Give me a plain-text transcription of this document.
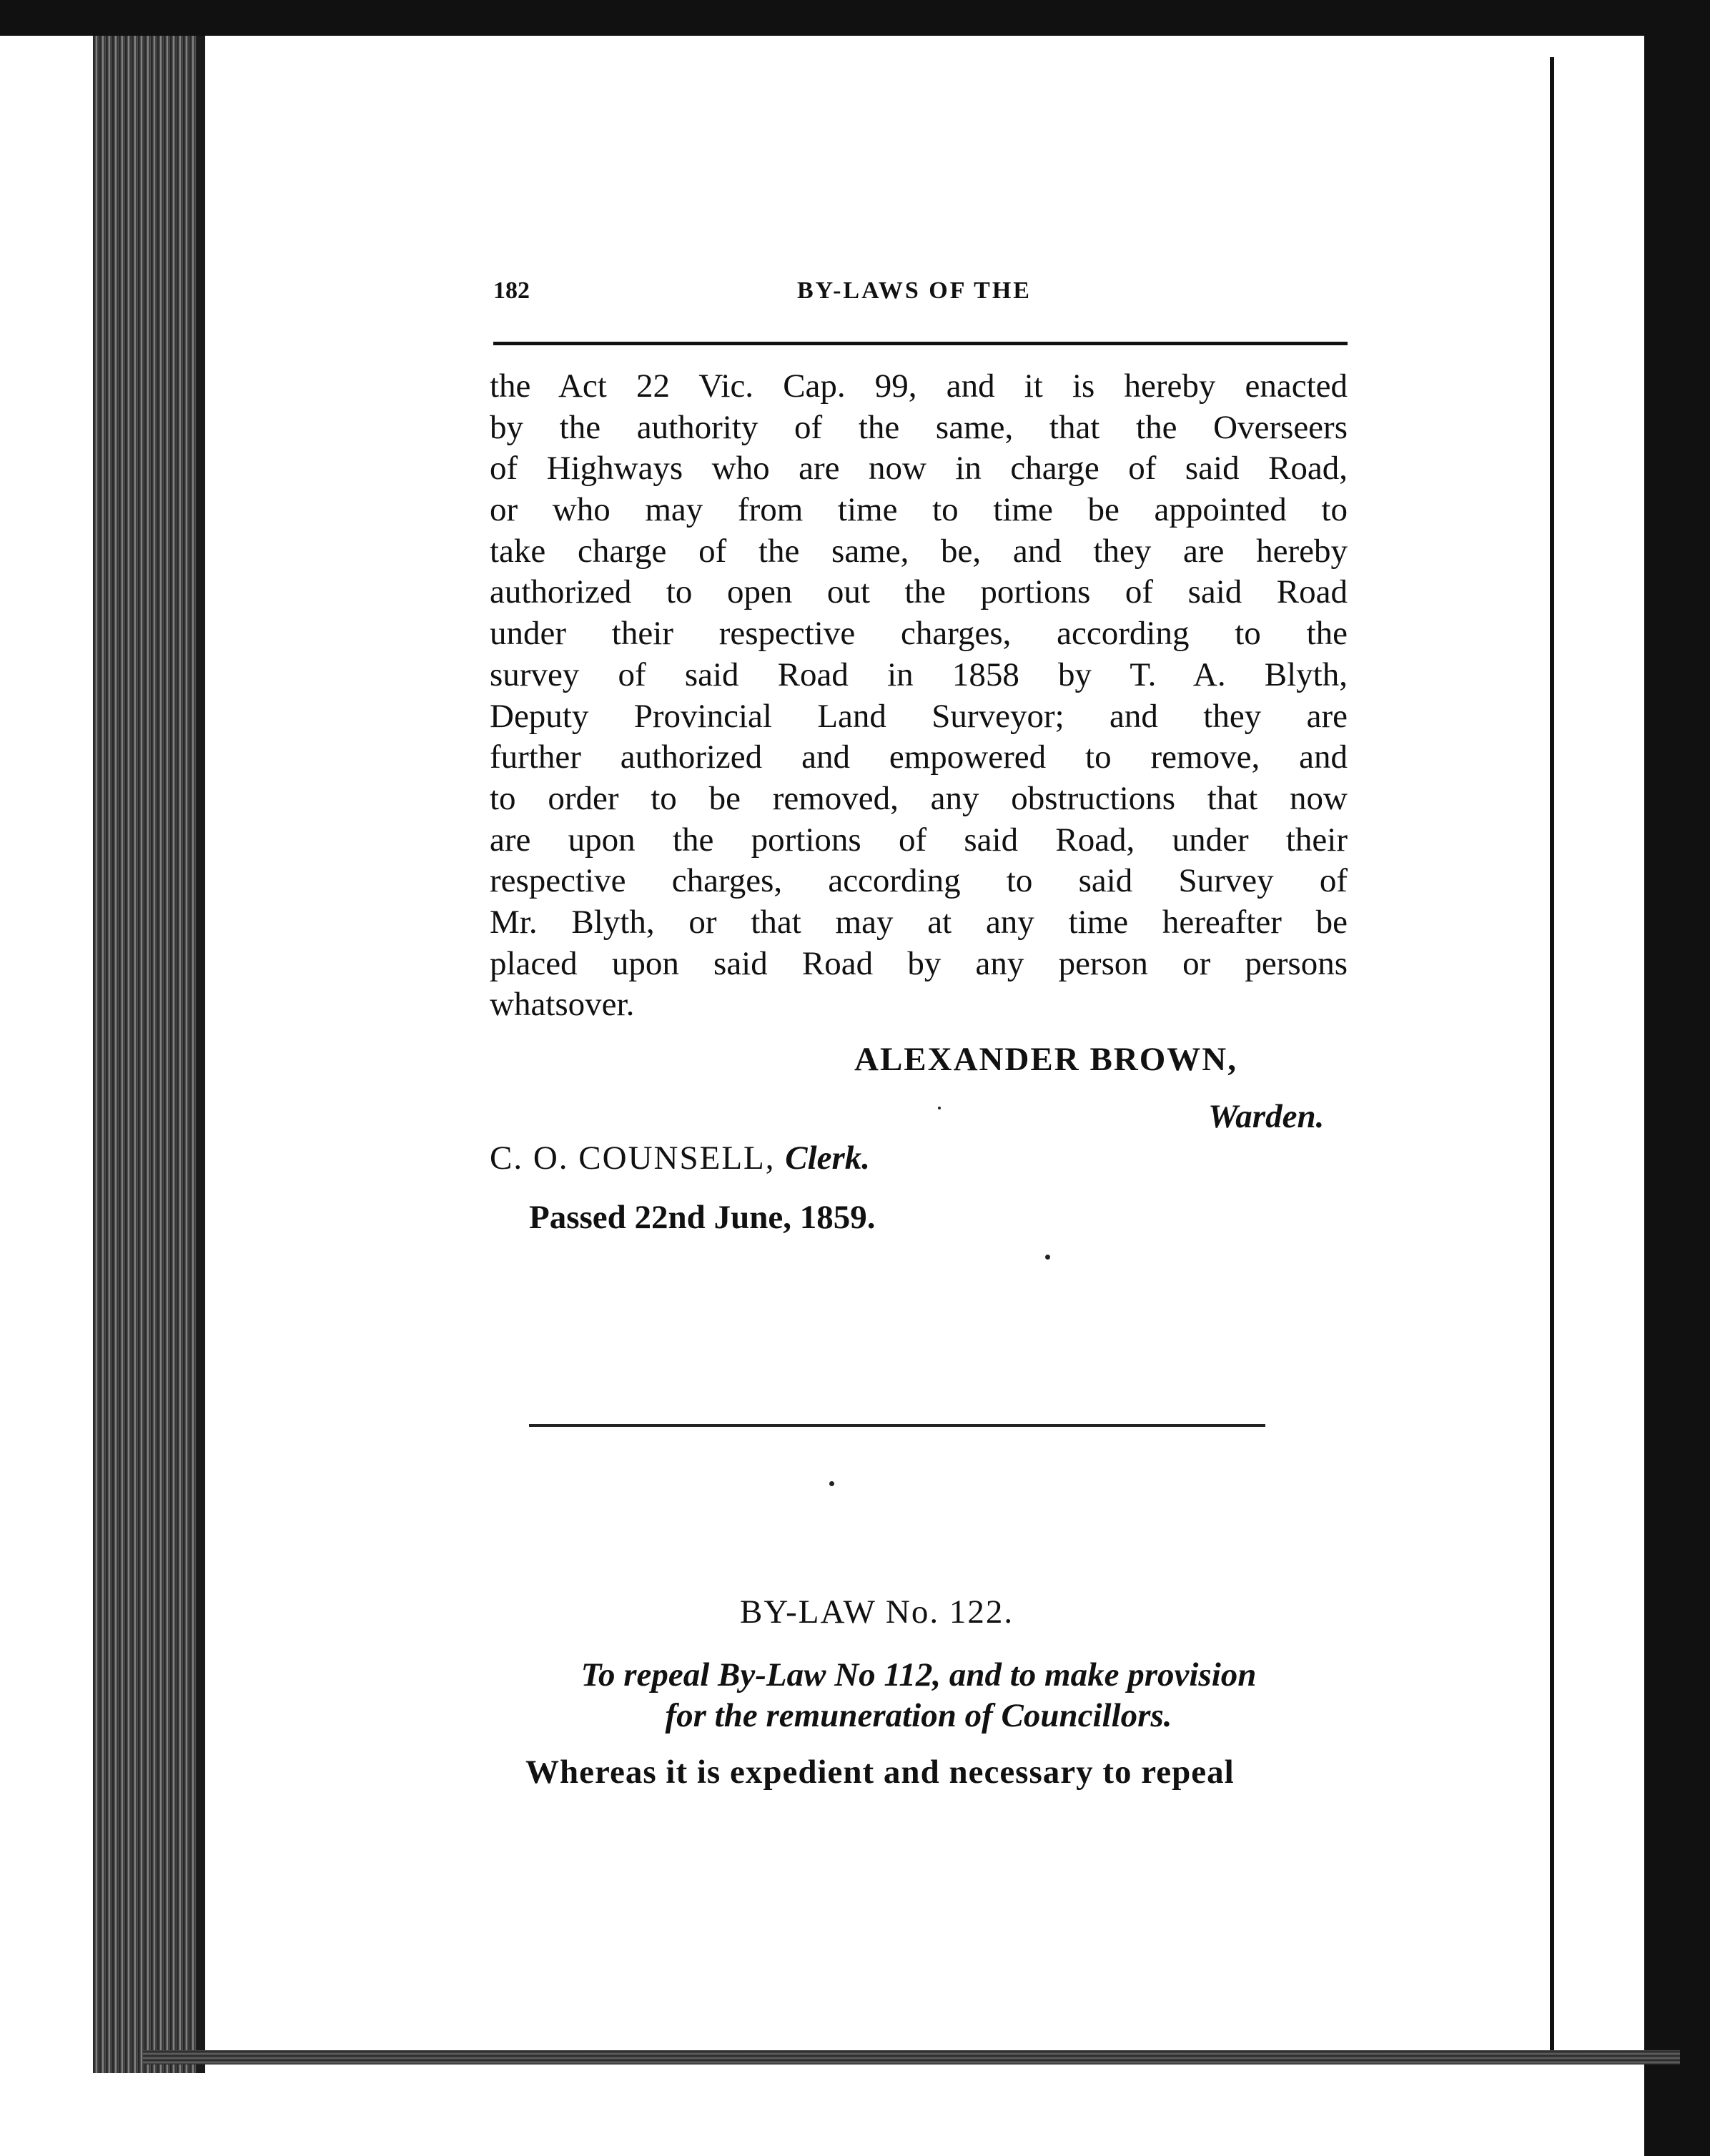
182	BY-LAWS OF THE
the Act 22 Vic. Cap. 99, and it is hereby enacted
by the authority of the same, that the Overseers
of Highways who are now in charge of said Road,
or who may from time to time be appointed to
take charge of the same, be, and they are hereby
authorized to open out the portions of said Road
under their respective charges, according to the
survey of said Road in 1858 by T. A. Blyth,
Deputy Provincial Land Surveyor; and they are
further authorized and empowered to remove, and
to order to be removed, any obstructions that now
are upon the portions of said Road, under their
respective charges, according to said Survey of
Mr. Blyth, or that may at any time hereafter be
placed upon said Road by any person or persons
whatsover.
ALEXANDER BROWN,
Warden.
C. O. COUNSELL, Clerk.
Passed 22nd June, 1859.
BY-LAW No. 122.
To repeal By-Law No 112, and to make provision
for the remuneration of Councillors.
Whereas it is expedient and necessary to repeal
